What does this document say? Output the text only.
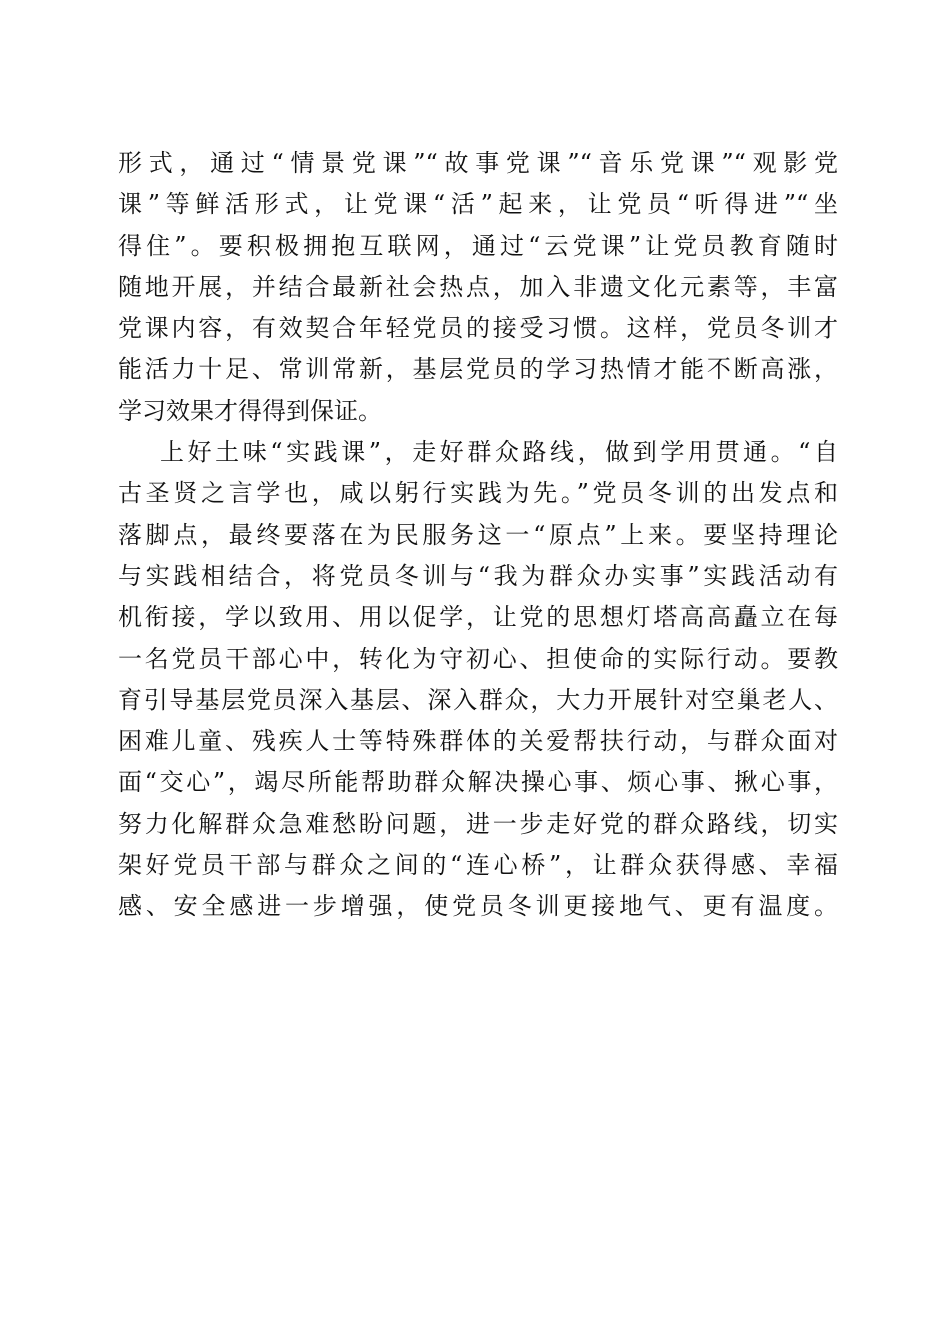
形式，通过“情景党课”“故事党课”“音乐党课”“观影党
课”等鲜活形式，让党课“活”起来，让党员“听得进”“坐
得住”。要积极拥抱互联网，通过“云党课”让党员教育随时
随地开展，并结合最新社会热点，加入非遗文化元素等，丰富
党课内容，有效契合年轻党员的接受习惯。这样，党员冬训才
能活力十足、常训常新，基层党员的学习热情才能不断高涨，
学习效果才得得到保证。
上好土味“实践课”，走好群众路线，做到学用贯通。“自
古圣贤之言学也，咸以躬行实践为先。”党员冬训的出发点和
落脚点，最终要落在为民服务这一“原点”上来。要坚持理论
与实践相结合，将党员冬训与“我为群众办实事”实践活动有
机衔接，学以致用、用以促学，让党的思想灯塔高高矗立在每
一名党员干部心中，转化为守初心、担使命的实际行动。要教
育引导基层党员深入基层、深入群众，大力开展针对空巢老人、
困难儿童、残疾人士等特殊群体的关爱帮扶行动，与群众面对
面“交心”，竭尽所能帮助群众解决操心事、烦心事、揪心事，
努力化解群众急难愁盼问题，进一步走好党的群众路线，切实
架好党员干部与群众之间的“连心桥”，让群众获得感、幸福
感、安全感进一步增强，使党员冬训更接地气、更有温度。
